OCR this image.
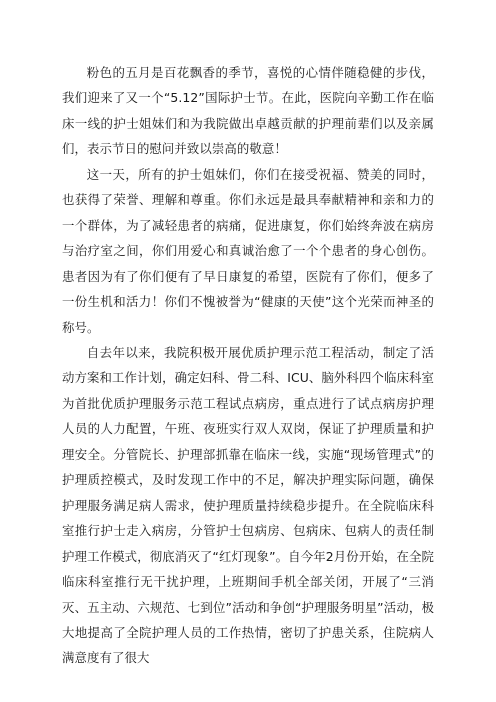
粉色的五月是百花飘香的季节，喜悦的心情伴随稳健的步伐，我们迎来了又一个“5.12”国际护士节。在此，医院向辛勤工作在临床一线的护士姐妹们和为我院做出卓越贡献的护理前辈们以及亲属们，表示节日的慰问并致以崇高的敬意！

这一天，所有的护士姐妹们，你们在接受祝福、赞美的同时，也获得了荣誉、理解和尊重。你们永远是最具奉献精神和亲和力的一个群体，为了减轻患者的病痛，促进康复，你们始终奔波在病房与治疗室之间，你们用爱心和真诚治愈了一个个患者的身心创伤。患者因为有了你们便有了早日康复的希望，医院有了你们，便多了一份生机和活力！你们不愧被誉为“健康的天使”这个光荣而神圣的称号。

自去年以来，我院积极开展优质护理示范工程活动，制定了活动方案和工作计划，确定妇科、骨二科、ICU、脑外科四个临床科室为首批优质护理服务示范工程试点病房，重点进行了试点病房护理人员的人力配置，午班、夜班实行双人双岗，保证了护理质量和护理安全。分管院长、护理部抓靠在临床一线，实施“现场管理式”的护理质控模式，及时发现工作中的不足，解决护理实际问题，确保护理服务满足病人需求，使护理质量持续稳步提升。在全院临床科室推行护士走入病房，分管护士包病房、包病床、包病人的责任制护理工作模式，彻底消灭了“红灯现象”。自今年2月份开始，在全院临床科室推行无干扰护理，上班期间手机全部关闭，开展了“三消灭、五主动、六规范、七到位”活动和争创“护理服务明星”活动，极大地提高了全院护理人员的工作热情，密切了护患关系，住院病人满意度有了很大
